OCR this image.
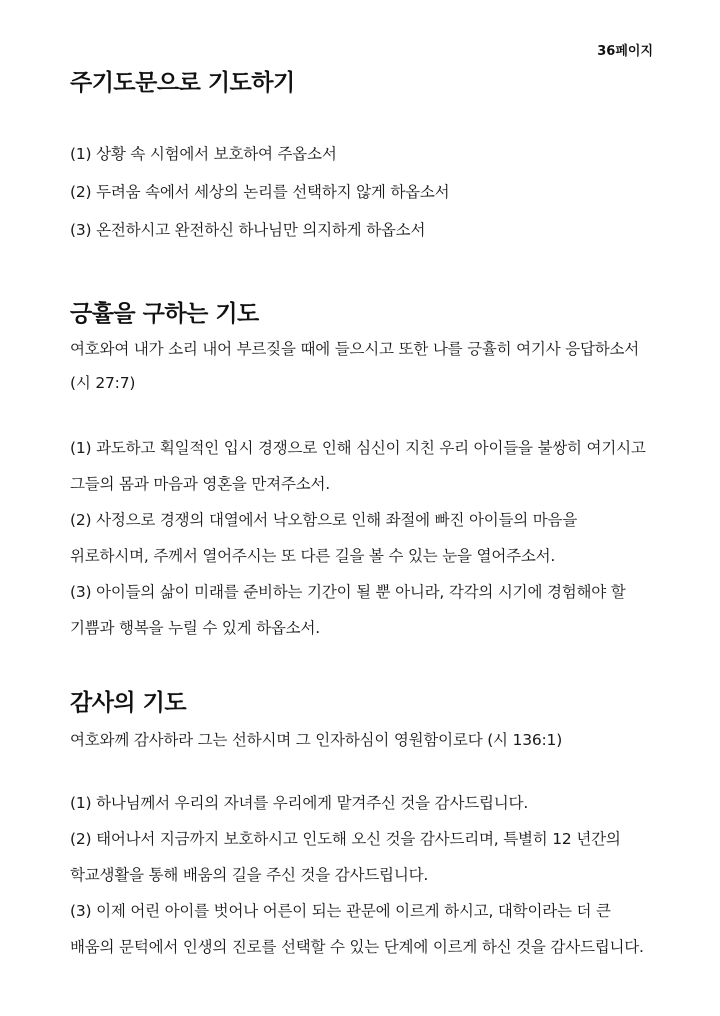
36페이지
주기도문으로 기도하기

(1) 상황 속 시험에서 보호하여 주옵소서

(2) 두려움 속에서 세상의 논리를 선택하지 않게 하옵소서

(3) 온전하시고 완전하신 하나님만 의지하게 하옵소서

긍휼을 구하는 기도

여호와여 내가 소리 내어 부르짖을 때에 들으시고 또한 나를 긍휼히 여기사 응답하소서 (시 27:7)

(1) 과도하고 획일적인 입시 경쟁으로 인해 심신이 지친 우리 아이들을 불쌍히 여기시고 그들의 몸과 마음과 영혼을 만져주소서.

(2) 사정으로 경쟁의 대열에서 낙오함으로 인해 좌절에 빠진 아이들의 마음을 위로하시며, 주께서 열어주시는 또 다른 길을 볼 수 있는 눈을 열어주소서.

(3) 아이들의 삶이 미래를 준비하는 기간이 될 뿐 아니라, 각각의 시기에 경험해야 할 기쁨과 행복을 누릴 수 있게 하옵소서.

감사의 기도

여호와께 감사하라 그는 선하시며 그 인자하심이 영원함이로다 (시 136:1)

(1) 하나님께서 우리의 자녀를 우리에게 맡겨주신 것을 감사드립니다.

(2) 태어나서 지금까지 보호하시고 인도해 오신 것을 감사드리며, 특별히 12 년간의 학교생활을 통해 배움의 길을 주신 것을 감사드립니다.

(3) 이제 어린 아이를 벗어나 어른이 되는 관문에 이르게 하시고, 대학이라는 더 큰 배움의 문턱에서 인생의 진로를 선택할 수 있는 단계에 이르게 하신 것을 감사드립니다.
